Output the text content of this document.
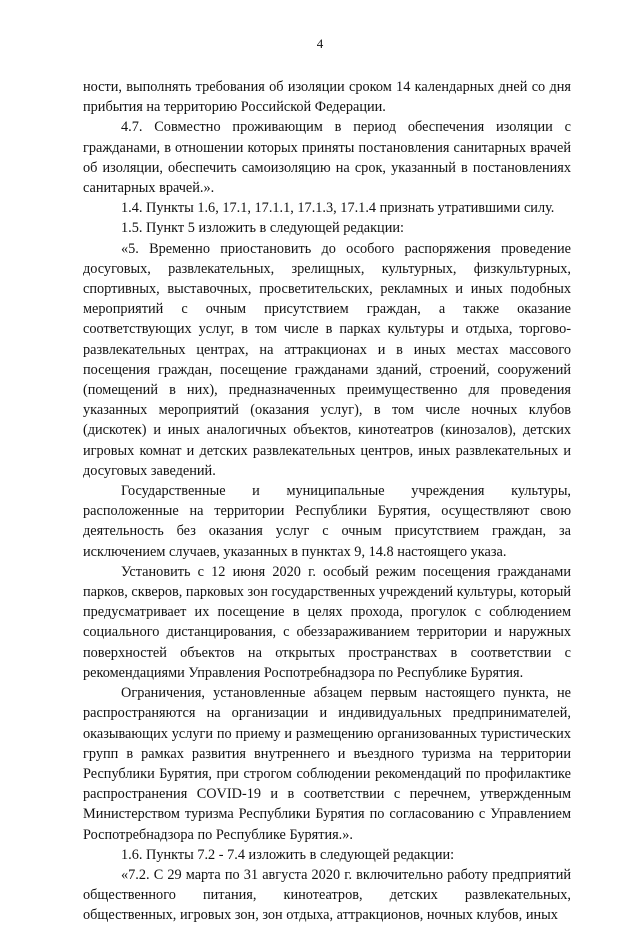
4

ности, выполнять требования об изоляции сроком 14 календарных дней со дня прибытия на территорию Российской Федерации.

4.7. Совместно проживающим в период обеспечения изоляции с гражданами, в отношении которых приняты постановления санитарных врачей об изоляции, обеспечить самоизоляцию на срок, указанный в постановлениях санитарных врачей.».

1.4. Пункты 1.6, 17.1, 17.1.1, 17.1.3, 17.1.4 признать утратившими силу.

1.5. Пункт 5 изложить в следующей редакции:

«5. Временно приостановить до особого распоряжения проведение досуговых, развлекательных, зрелищных, культурных, физкультурных, спортивных, выставочных, просветительских, рекламных и иных подобных мероприятий с очным присутствием граждан, а также оказание соответствующих услуг, в том числе в парках культуры и отдыха, торгово-развлекательных центрах, на аттракционах и в иных местах массового посещения граждан, посещение гражданами зданий, строений, сооружений (помещений в них), предназначенных преимущественно для проведения указанных мероприятий (оказания услуг), в том числе ночных клубов (дискотек) и иных аналогичных объектов, кинотеатров (кинозалов), детских игровых комнат и детских развлекательных центров, иных развлекательных и досуговых заведений.

Государственные и муниципальные учреждения культуры, расположенные на территории Республики Бурятия, осуществляют свою деятельность без оказания услуг с очным присутствием граждан, за исключением случаев, указанных в пунктах 9, 14.8 настоящего указа.

Установить с 12 июня 2020 г. особый режим посещения гражданами парков, скверов, парковых зон государственных учреждений культуры, который предусматривает их посещение в целях прохода, прогулок с соблюдением социального дистанцирования, с обеззараживанием территории и наружных поверхностей объектов на открытых пространствах в соответствии с рекомендациями Управления Роспотребнадзора по Республике Бурятия.

Ограничения, установленные абзацем первым настоящего пункта, не распространяются на организации и индивидуальных предпринимателей, оказывающих услуги по приему и размещению организованных туристических групп в рамках развития внутреннего и въездного туризма на территории Республики Бурятия, при строгом соблюдении рекомендаций по профилактике распространения COVID-19 и в соответствии с перечнем, утвержденным Министерством туризма Республики Бурятия по согласованию с Управлением Роспотребнадзора по Республике Бурятия.».

1.6. Пункты 7.2 - 7.4 изложить в следующей редакции:

«7.2. С 29 марта по 31 августа 2020 г. включительно работу предприятий общественного питания, кинотеатров, детских развлекательных, общественных, игровых зон, зон отдыха, аттракционов, ночных клубов, иных
